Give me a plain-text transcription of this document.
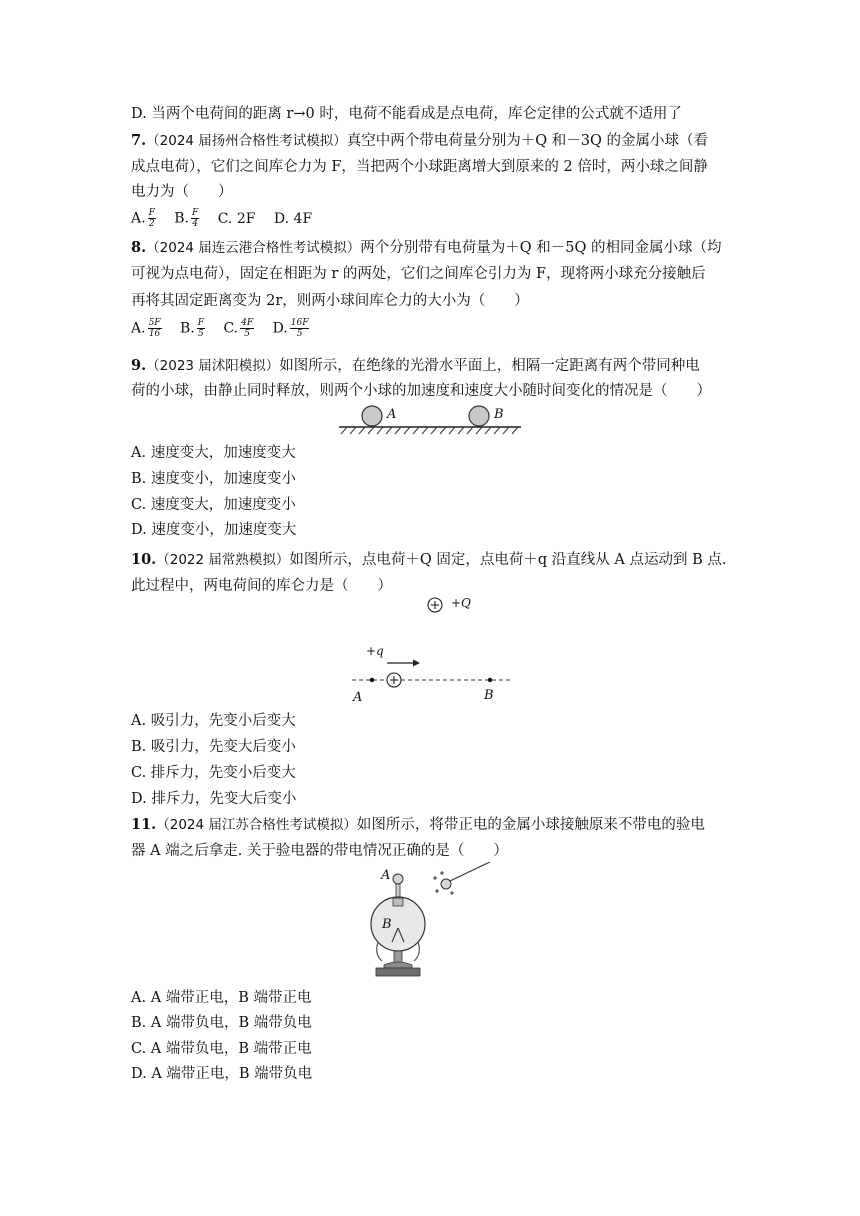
D. 当两个电荷间的距离 r→0 时，电荷不能看成是点电荷，库仑定律的公式就不适用了
7.（2024 届扬州合格性考试模拟）真空中两个带电荷量分别为＋Q 和－3Q 的金属小球（看
成点电荷），它们之间库仑力为 F，当把两个小球距离增大到原来的 2 倍时，两小球之间静
电力为（　　）
A. $\frac{F}{2} B$. $\frac{F}{4} C$. 2F D. 4F
8.（2024 届连云港合格性考试模拟）两个分别带有电荷量为＋Q 和－5Q 的相同金属小球（均
可视为点电荷），固定在相距为 r 的两处，它们之间库仑引力为 F，现将两小球充分接触后
再将其固定距离变为 2r，则两小球间库仑力的大小为（　　）
A. $\frac{5F}{16} B$. $\frac{F}{5} C$. $\frac{4F}{5} D$. $\frac{16F}{5}$
9.（2023 届沭阳模拟）如图所示，在绝缘的光滑水平面上，相隔一定距离有两个带同种电
荷的小球，由静止同时释放，则两个小球的加速度和速度大小随时间变化的情况是（　　）
A	B
A. 速度变大，加速度变大
B. 速度变小，加速度变小
C. 速度变大，加速度变小
D. 速度变小，加速度变大
10.（2022 届常熟模拟）如图所示，点电荷＋Q 固定，点电荷＋q 沿直线从 A 点运动到 B 点.
此过程中，两电荷间的库仑力是（　　）
+Q
+q
A	B
A. 吸引力，先变小后变大
B. 吸引力，先变大后变小
C. 排斥力，先变小后变大
D. 排斥力，先变大后变小
11.（2024 届江苏合格性考试模拟）如图所示，将带正电的金属小球接触原来不带电的验电
器 A 端之后拿走. 关于验电器的带电情况正确的是（　　）
A
B
A. A 端带正电，B 端带正电
B. A 端带负电，B 端带负电
C. A 端带负电，B 端带正电
D. A 端带正电，B 端带负电
